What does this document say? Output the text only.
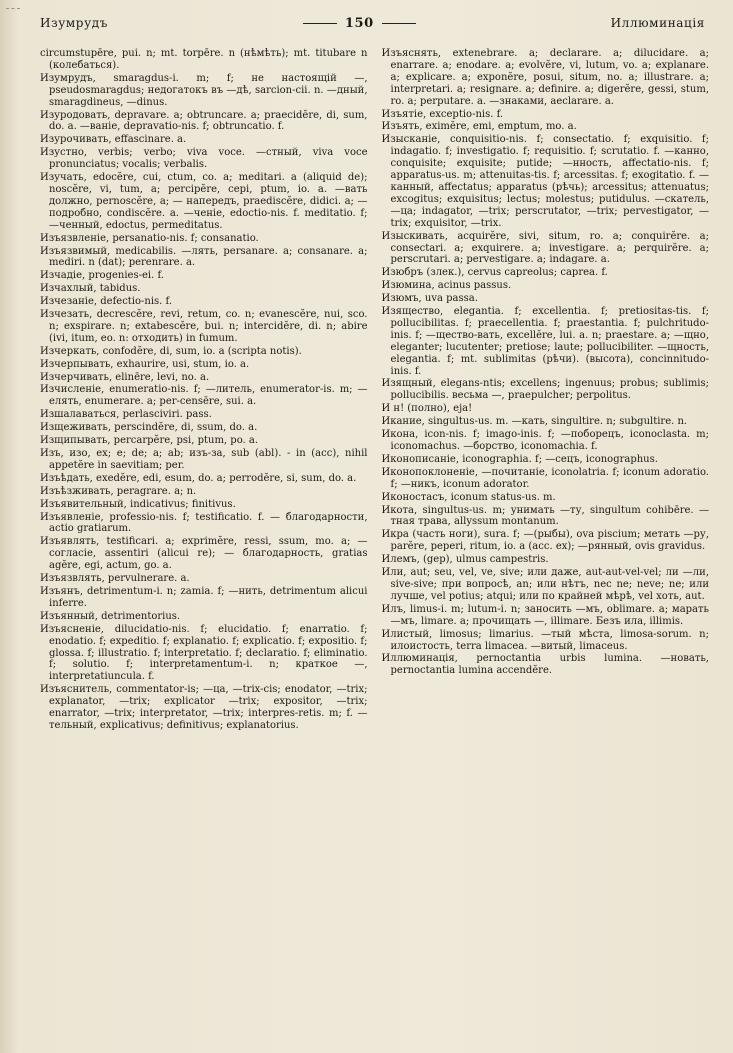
Изумрудъ	150	Иллюминація

circumstupēre, pui. n; mt. torpēre. n (нѣмѣть); mt. titubare n (колебаться).

Изумрудъ, smaragdus-i. m; f; не настоящій —, pseudosmaragdus; недогатокъ въ —дѣ, sarcion-cii. n. —дный, smaragdineus, —dinus.

Изуродовать, depravare. a; obtruncare. a; praecidĕre, di, sum, do. a. —ваніе, depravatio-nis. f; obtruncatio. f.

Изурочивать, effascinare. a.

Изустно, verbis; verbo; viva voce. —стный, viva voce pronunciatus; vocalis; verbalis.

Изучать, edocĕre, cui, ctum, co. a; meditari. a (aliquid de); noscĕre, vi, tum, a; percipĕre, cepi, ptum, io. a. —вать должно, pernoscĕre, a; — напередъ, praediscĕre, didici. a; — подробно, condiscĕre. a. —ченіе, edoctio-nis. f. meditatio. f; —ченный, edoctus, permeditatus.

Изъязвленіе, persanatio-nis. f; consanatio.

Изъязвимый, medicabilis. —лять, persanare. a; consanare. a; mediri. n (dat); perenrare. a.

Изчадіе, progenies-ei. f.

Изчахлый, tabidus.

Изчезаніе, defectio-nis. f.

Изчезать, decrescĕre, revi, retum, co. n; evanescĕre, nui, sco. n; exspirare. n; extabescĕre, bui. n; interci̇dĕre, di. n; abire (ivi, itum, eo. n: отходить) in fumum.

Изчеркать, confodĕre, di, sum, io. a (scripta notis).

Изчерпывать, exhaurire, usi, stum, io. a.

Изчерчивать, elinēre, levi, no. a.

Изчисленіе, enumeratio-nis. f; —литель, enumerator-is. m; —елять, enumerare. a; per-censēre, sui. a.

Изшалаваться, perlasciviri. pass.

Изщеживать, perscindĕre, di, ssum, do. a.

Изщипывать, percarpĕre, psi, ptum, po. a.

Изъ, изо, ex; e; de; a; ab; изъ-за, sub (abl). - in (acc), nihil appetĕre in saevitiam; per.

Изъѣдать, exedĕre, edi, esum, do. a; perrodĕre, si, sum, do. a.

Изъѣзживать, peragrare. a; n.

Изъявительный, indicativus; finitivus.

Изъявленіе, professio-nis. f; testificatio. f. — благодарности, actio gratiarum.

Изъявлять, testificari. a; exprimĕre, ressi, ssum, mo. a; — согласіе, assentiri (alicui re); — благодарность, gratias agĕre, egi, actum, go. a.

Изъязвлять, pervulnerare. a.

Изъянъ, detrimentum-i. n; zamia. f; —нить, detrimentum alicui inferre.

Изъянный, detrimentorius.

Изъясненіе, dilucidatio-nis. f; elucidatio. f; enarratio. f; enodatio. f; expeditio. f; explanatio. f; explicatio. f; expositio. f; glossa. f; illustratio. f; interpretatio. f; declaratio. f; eliminatio. f; solutio. f; interpretamentum-i. n; краткое —, interpretatiuncula. f.

Изъяснитель, commentator-is; —ца, —trix-cis; enodator, —trix; explanator, —trix; explicator —trix; expositor, —trix; enarrator, —trix; interpretator, —trix; interpres-retis. m; f. —тельный, explicativus; definitivus; explanatorius.

Изъяснять, extenebrare. a; declarare. a; dilucidare. a; enarrare. a; enodare. a; evolvĕre, vi, lutum, vo. a; explanare. a; explicare. a; exponĕre, posui, situm, no. a; illustrare. a; interpretari. a; resignare. a; definire. a; digerĕre, gessi, stum, ro. a; perputare. a. —знаками, aeclarare. a.

Изъятіе, exceptio-nis. f.

Изъять, eximĕre, emi, emptum, mo. a.

Изысканіе, conquisitio-nis. f; consectatio. f; exquisitio. f; indagatio. f; investigatio. f; requisitio. f; scrutatio. f. —канно, conquisite; exquisite; putide; —нность, affectatio-nis. f; apparatus-us. m; attenuitas-tis. f; arcessitas. f; exogitatio. f. —канный, affectatus; apparatus (рѣчь); arcessitus; attenuatus; excogitus; exquisitus; lectus; molestus; putidulus. —скатель, —ца; indagator, —trix; perscrutator, —trix; pervestigator, —trix; exquisitor, —trix.

Изыскивать, acquirĕre, sivi, situm, ro. a; conquirĕre. a; consectari. a; exquirere. a; investigare. a; perquirĕre. a; perscrutari. a; pervestigare. a; indagare. a.

Изюбръ (злек.), cervus capreolus; caprea. f.

Изюмина, acinus passus.

Изюмъ, uva passa.

Изящество, elegantia. f; excellentia. f; pretiositas-tis. f; pollucibilitas. f; praecellentia. f; praestantia. f; pulchritudo-inis. f; —щество-вать, excellĕre, lui. a. n; praestare. a; —щно, eleganter; lucutenter; pretiose; laute; pollucibiliter. —щность, elegantia. f; mt. sublimitas (рѣчи). (высота), concinnitudo-inis. f.

Изящный, elegans-ntis; excellens; ingenuus; probus; sublimis; pollucibilis. весьма —, praepulcher; perpolitus.

И н! (полно), eja!

Икание, singultus-us. m. —кать, singultire. n; subgultire. n.

Икона, icon-nis. f; imago-inis. f; —поборецъ, iconoclasta. m; iconomachus. —борство, iconomachia. f.

Иконописаніе, iconographia. f; —сецъ, iconographus.

Иконопоклоненіе, —почитаніе, iconolatria. f; iconum adoratio. f; —никъ, iconum adorator.

Иконостасъ, iconum status-us. m.

Икота, singultus-us. m; унимать —ту, singultum cohibēre. —тная трава, allyssum montanum.

Икра (часть ноги), sura. f; —(рыбы), ova piscium; метать —ру, parĕre, peperi, ritum, io. a (acc. ex); —рянный, ovis gravidus.

Илемъ, (gep), ulmus campestris.

Или, aut; seu, vel, ve, sive; или даже, aut-aut-vel-vel; ли —ли, sive-sive; при вопросѣ, an; или нѣтъ, nec ne; neve; ne; или лучше, vel potius; atqui; или по крайней мѣрѣ, vel хоть, aut.

Илъ, limus-i. m; lutum-i. n; заносить —мъ, oblimare. a; марать —мъ, limare. a; прочищать —, illimare. Безъ ила, illimis.

Илистый, limosus; limarius. —тый мѣста, limosa-sorum. n; илоистость, terra limacea. —витый, limaceus.

Иллюминація, pernoctantia urbis lumina. —новать, pernoctantia lumina accendĕre.
